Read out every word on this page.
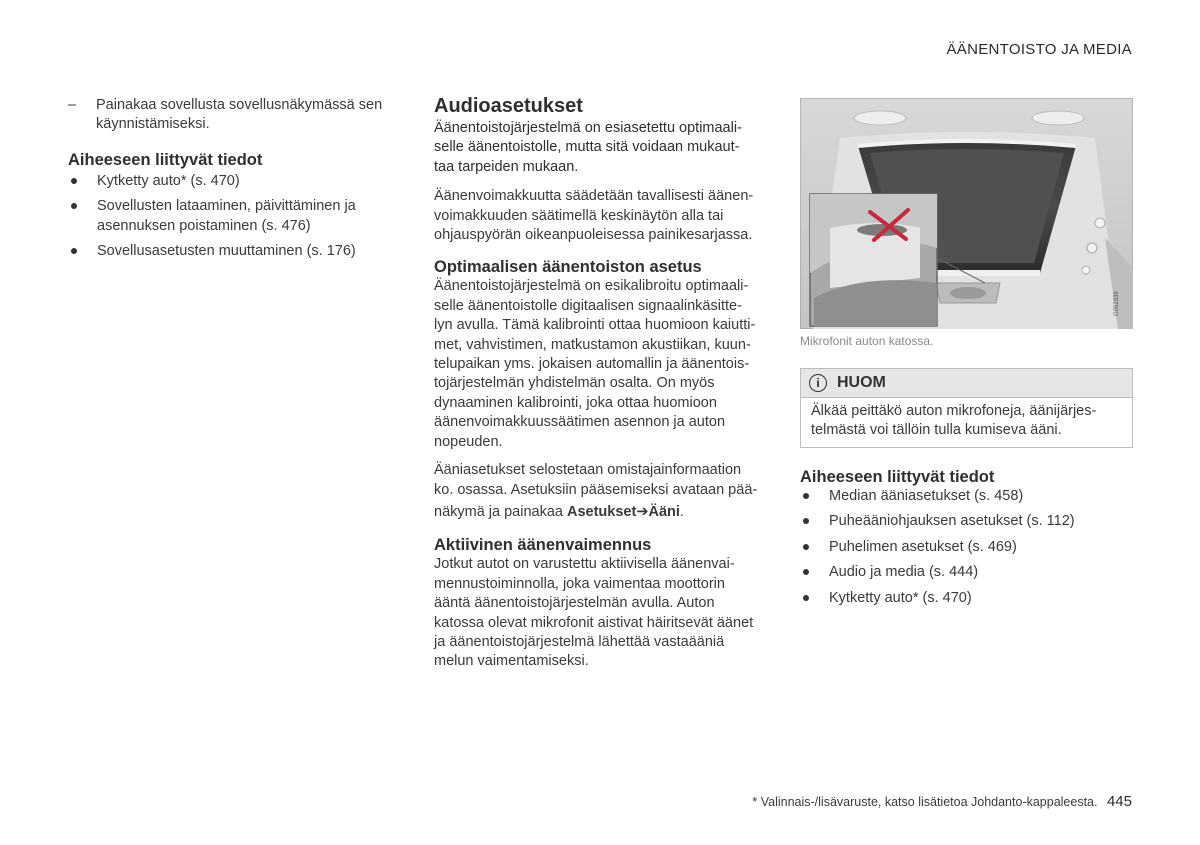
ÄÄNENTOISTO JA MEDIA
–	Painakaa sovellusta sovellusnäkymässä sen
käynnistämiseksi.
Aiheeseen liittyvät tiedot
Kytketty auto* (s. 470)
Sovellusten lataaminen, päivittäminen ja
asennuksen poistaminen (s. 476)
Sovellusasetusten muuttaminen (s. 176)
Audioasetukset
Äänentoistojärjestelmä on esiasetettu optimaali-
selle äänentoistolle, mutta sitä voidaan mukaut-
taa tarpeiden mukaan.
Äänenvoimakkuutta säädetään tavallisesti äänen-
voimakkuuden säätimellä keskinäytön alla tai
ohjauspyörän oikeanpuoleisessa painikesarjassa.
Optimaalisen äänentoiston asetus
Äänentoistojärjestelmä on esikalibroitu optimaali-
selle äänentoistolle digitaalisen signaalinkäsitte-
lyn avulla. Tämä kalibrointi ottaa huomioon kaiutti-
met, vahvistimen, matkustamon akustiikan, kuun-
telupaikan yms. jokaisen automallin ja äänentois-
tojärjestelmän yhdistelmän osalta. On myös
dynaaminen kalibrointi, joka ottaa huomioon
äänenvoimakkuussäätimen asennon ja auton
nopeuden.
Ääniasetukset selostetaan omistajainformaation
ko. osassa. Asetuksiin pääsemiseksi avataan pää-
näkymä ja painakaa Asetukset➔Ääni.
Aktiivinen äänenvaimennus
Jotkut autot on varustettu aktiivisella äänenvai-
mennustoiminnolla, joka vaimentaa moottorin
ääntä äänentoistojärjestelmän avulla. Auton
katossa olevat mikrofonit aistivat häiritsevät äänet
ja äänentoistojärjestelmä lähettää vastaääniä
melun vaimentamiseksi.
G052339
Mikrofonit auton katossa.
i	HUOM
Älkää peittäkö auton mikrofoneja, äänijärjes-
telmästä voi tällöin tulla kumiseva ääni.
Aiheeseen liittyvät tiedot
Median ääniasetukset (s. 458)
Puheääniohjauksen asetukset (s. 112)
Puhelimen asetukset (s. 469)
Audio ja media (s. 444)
Kytketty auto* (s. 470)
* Valinnais-/lisävaruste, katso lisätietoa Johdanto-kappaleesta. 445
